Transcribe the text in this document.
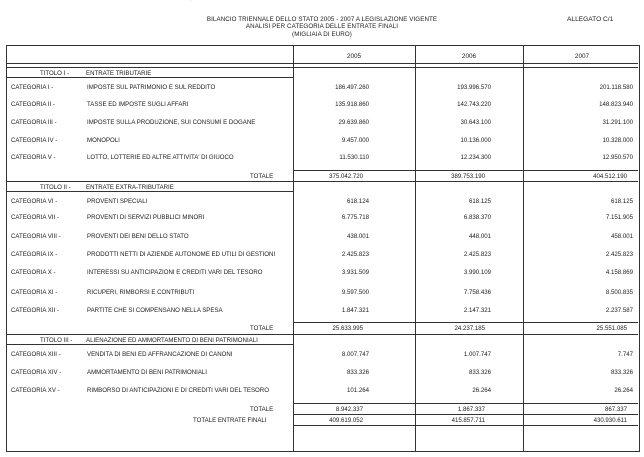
`
BILANCIO TRIENNALE DELLO STATO 2005 - 2007 A LEGISLAZIONE VIGENTE
ANALISI PER CATEGORIA DELLE ENTRATE FINALI
(MIGLIAIA DI EURO)
ALLEGATO C/1
2005	2006	2007
TITOLO I -	ENTRATE TRIBUTARIE
CATEGORIA I -	IMPOSTE SUL PATRIMONIO E SUL REDDITO	186.497.260	193.996.570	201.118.580
CATEGORIA II -	TASSE ED IMPOSTE SUGLI AFFARI	135.918.860	142.743.220	148.823.940
CATEGORIA III -	IMPOSTE SULLA PRODUZIONE, SUI CONSUMI E DOGANE	29.639.860	30.643.100	31.291.100
CATEGORIA IV -	MONOPOLI	9.457.000	10.136.000	10.328.000
CATEGORIA V -	LOTTO, LOTTERIE ED ALTRE ATTIVITA' DI GIUOCO	11.530.110	12.234.300	12.950.570
TOTALE	375.042.720	389.753.190	404.512.190
TITOLO II -	ENTRATE EXTRA-TRIBUTARIE
CATEGORIA VI -	PROVENTI SPECIALI	618.124	618.125	618.125
CATEGORIA VII -	PROVENTI DI SERVIZI PUBBLICI MINORI	6.775.718	6.838.370	7.151.905
CATEGORIA VIII -	PROVENTI DEI BENI DELLO STATO	438.001	448.001	458.001
CATEGORIA IX -	PRODOTTI NETTI DI AZIENDE AUTONOME ED UTILI DI GESTIONI	2.425.823	2.425.823	2.425.823
CATEGORIA X -	INTERESSI SU ANTICIPAZIONI E CREDITI VARI DEL TESORO	3.931.509	3.990.109	4.158.869
CATEGORIA XI -	RICUPERI, RIMBORSI E CONTRIBUTI	9.597.500	7.758.436	8.500.835
CATEGORIA XII -	PARTITE CHE SI COMPENSANO NELLA SPESA	1.847.321	2.147.321	2.237.587
TOTALE	25.633.995	24.237.185	25.551.085
TITOLO III - ALIENAZIONE ED AMMORTAMENTO DI BENI PATRIMONIALI
CATEGORIA XIII -	VENDITA DI BENI ED AFFRANCAZIONE DI CANONI	8.007.747	1.007.747	7.747
CATEGORIA XIV -	AMMORTAMENTO DI BENI PATRIMONIALI	833.326	833.326	833.326
CATEGORIA XV -	RIMBORSO DI ANTICIPAZIONI E DI CREDITI VARI DEL TESORO	101.264	26.264	26.264
TOTALE	8.942.337	1.867.337	867.337
TOTALE ENTRATE FINALI	409.619.052	415.857.711	430.930.611
